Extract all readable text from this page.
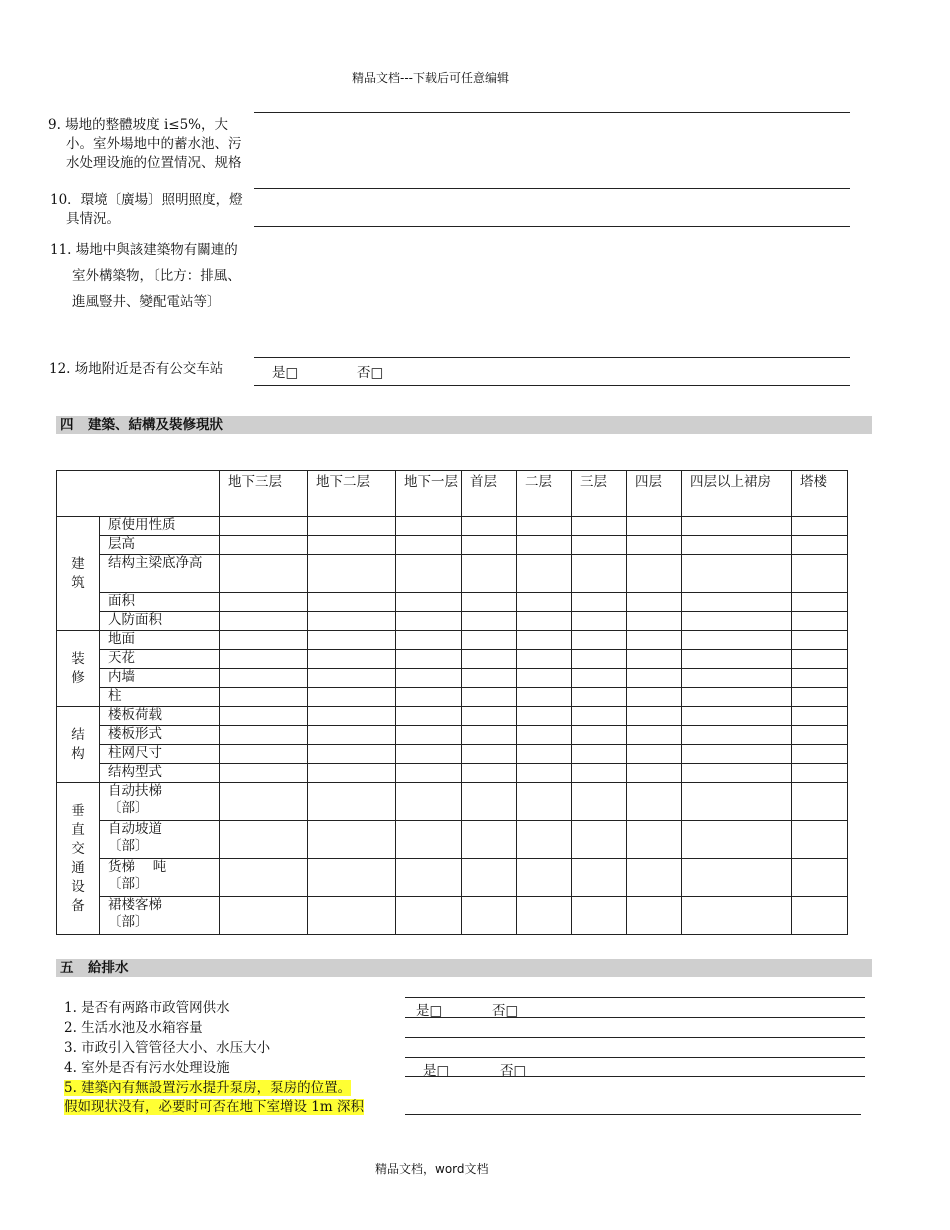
精品文档---下载后可任意编辑
9. 場地的整體坡度 i≤5%，大小。室外場地中的蓄水池、污水处理设施的位置情况、规格
10．環境〔廣場〕照明照度，燈具情況。
11. 場地中與該建築物有關連的室外構築物，〔比方：排風、進風豎井、變配電站等〕
12. 场地附近是否有公交车站	是□	否□
四 建築、結構及裝修現狀
		地下三层	地下二层	地下一层	首层	二层	三层	四层	四层以上裙房	塔楼
建筑	原使用性质									
	层高									
	结构主梁底净高									
	面积									
	人防面积									
装修	地面									
	天花									
	内墙									
	柱									
结构	楼板荷载									
	楼板形式									
	柱网尺寸									
	结构型式									
垂直交通设备	自动扶梯〔部〕									
	自动坡道〔部〕									
	货梯　 吨〔部〕									
	裙楼客梯〔部〕									
五 給排水
1. 是否有两路市政管网供水	是□	否□
2. 生活水池及水箱容量
3. 市政引入管管径大小、水压大小
4. 室外是否有污水处理设施	是□	否□
5. 建築內有無設置污水提升泵房，泵房的位置。
假如现状没有，必要时可否在地下室增设 1m 深积
精品文档，word文档
